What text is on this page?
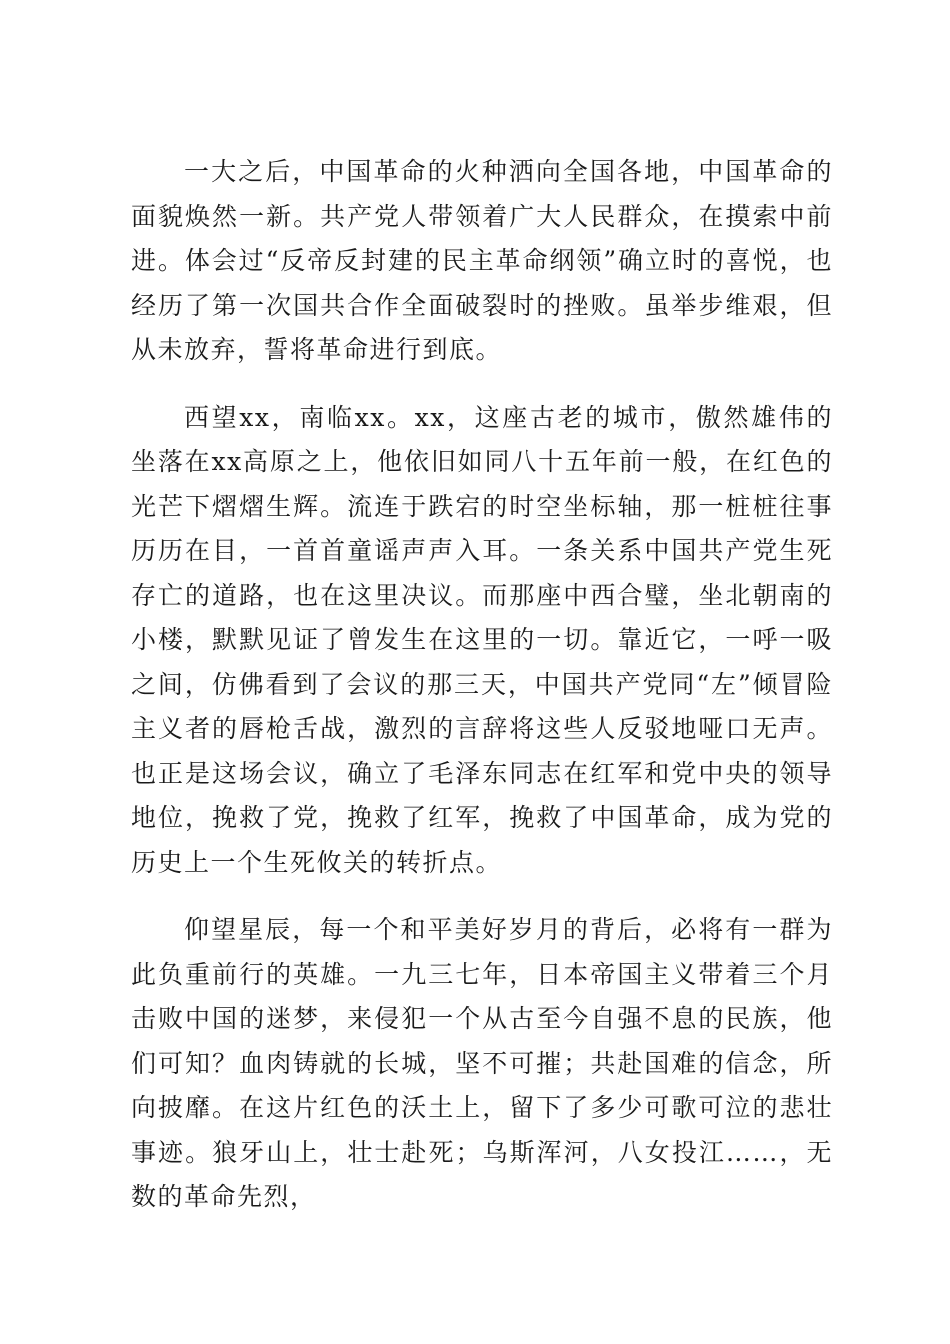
一大之后，中国革命的火种洒向全国各地，中国革命的面貌焕然一新。共产党人带领着广大人民群众，在摸索中前进。体会过“反帝反封建的民主革命纲领”确立时的喜悦，也经历了第一次国共合作全面破裂时的挫败。虽举步维艰，但从未放弃，誓将革命进行到底。

西望xx，南临xx。xx，这座古老的城市，傲然雄伟的坐落在xx高原之上，他依旧如同八十五年前一般，在红色的光芒下熠熠生辉。流连于跌宕的时空坐标轴，那一桩桩往事历历在目，一首首童谣声声入耳。一条关系中国共产党生死存亡的道路，也在这里决议。而那座中西合璧，坐北朝南的小楼，默默见证了曾发生在这里的一切。靠近它，一呼一吸之间，仿佛看到了会议的那三天，中国共产党同“左”倾冒险主义者的唇枪舌战，激烈的言辞将这些人反驳地哑口无声。也正是这场会议，确立了毛泽东同志在红军和党中央的领导地位，挽救了党，挽救了红军，挽救了中国革命，成为党的历史上一个生死攸关的转折点。

仰望星辰，每一个和平美好岁月的背后，必将有一群为此负重前行的英雄。一九三七年，日本帝国主义带着三个月击败中国的迷梦，来侵犯一个从古至今自强不息的民族，他们可知？血肉铸就的长城，坚不可摧；共赴国难的信念，所向披靡。在这片红色的沃土上，留下了多少可歌可泣的悲壮事迹。狼牙山上，壮士赴死；乌斯浑河，八女投江……，无数的革命先烈，
